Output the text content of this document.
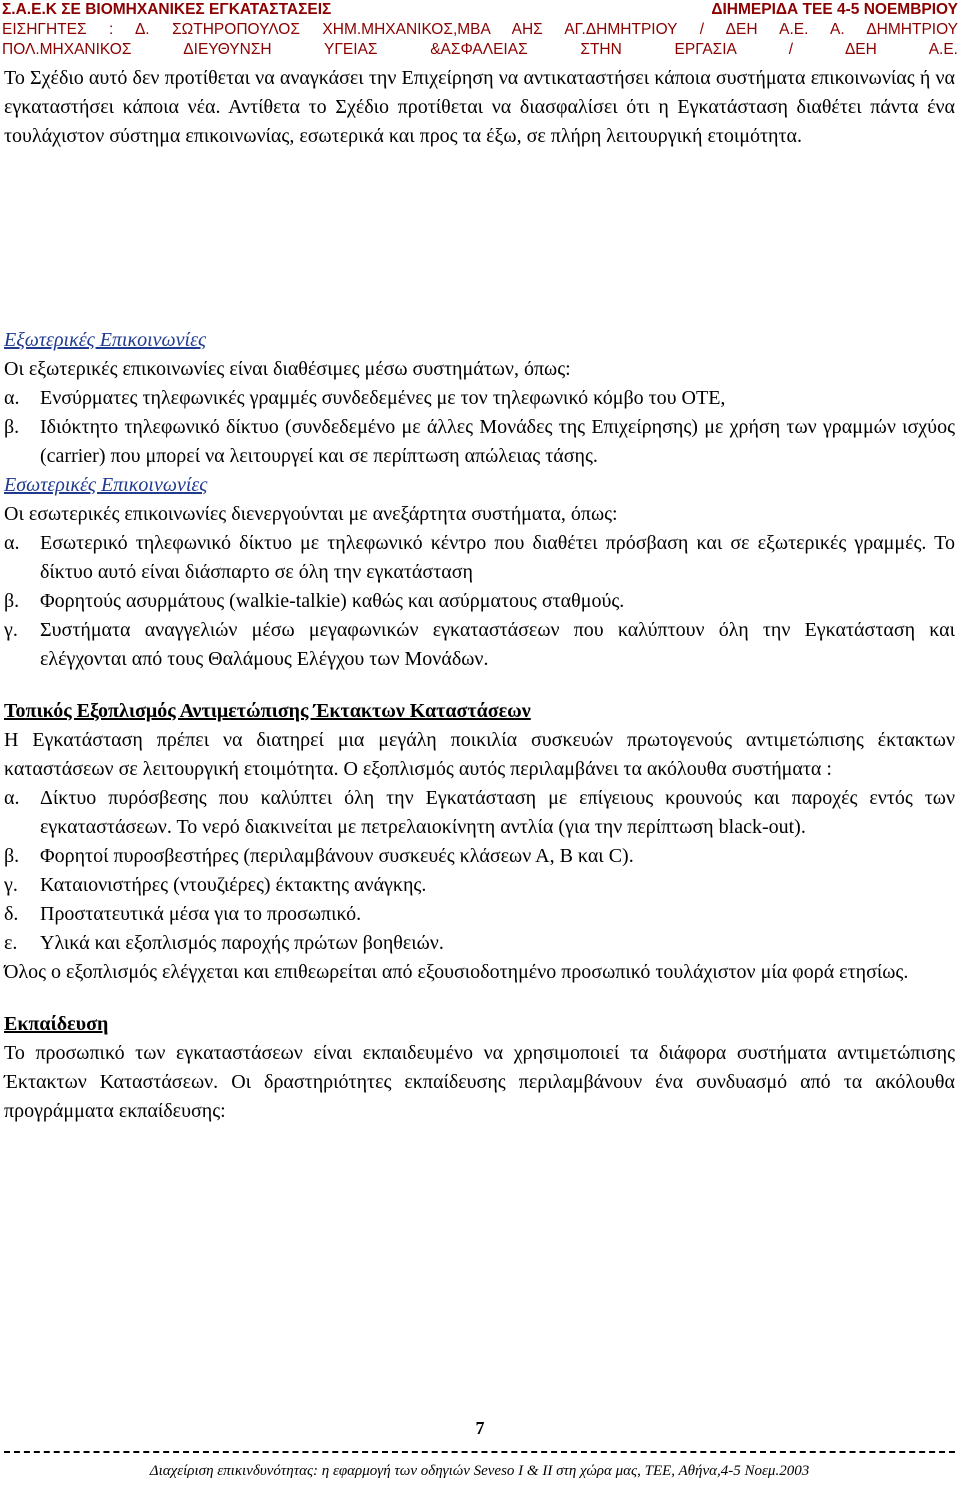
Σ.Α.Ε.Κ ΣΕ ΒΙΟΜΗΧΑΝΙΚΕΣ ΕΓΚΑΤΑΣΤΑΣΕΙΣ	ΔΙΗΜΕΡΙΔΑ ΤΕΕ 4-5 ΝΟΕΜΒΡΙΟΥ
ΕΙΣΗΓΗΤΕΣ : Δ. ΣΩΤΗΡΟΠΟΥΛΟΣ ΧΗΜ.ΜΗΧΑΝΙΚΟΣ,ΜΒΑ ΑΗΣ ΑΓ.ΔΗΜΗΤΡΙΟΥ / ΔΕΗ Α.Ε. Α. ΔΗΜΗΤΡΙΟΥ
ΠΟΛ.ΜΗΧΑΝΙΚΟΣ ΔΙΕΥΘΥΝΣΗ ΥΓΕΙΑΣ &ΑΣΦΑΛΕΙΑΣ ΣΤΗΝ ΕΡΓΑΣΙΑ / ΔΕΗ Α.Ε.

Το Σχέδιο αυτό δεν προτίθεται να αναγκάσει την Επιχείρηση να αντικαταστήσει κάποια συστήματα επικοινωνίας ή να εγκαταστήσει κάποια νέα. Αντίθετα το Σχέδιο προτίθεται να διασφαλίσει ότι η Εγκατάσταση διαθέτει πάντα ένα τουλάχιστον σύστημα επικοινωνίας, εσωτερικά και προς τα έξω, σε πλήρη λειτουργική ετοιμότητα.

Εξωτερικές Επικοινωνίες

Οι εξωτερικές επικοινωνίες είναι διαθέσιμες μέσω συστημάτων, όπως:

α.	Ενσύρματες τηλεφωνικές γραμμές συνδεδεμένες με τον τηλεφωνικό κόμβο του ΟΤΕ,
β.	Ιδιόκτητο τηλεφωνικό δίκτυο (συνδεδεμένο με άλλες Μονάδες της Επιχείρησης) με χρήση των γραμμών ισχύος (carrier) που μπορεί να λειτουργεί και σε περίπτωση απώλειας τάσης.
Εσωτερικές Επικοινωνίες

Οι εσωτερικές επικοινωνίες διενεργούνται με ανεξάρτητα συστήματα, όπως:

α.	Εσωτερικό τηλεφωνικό δίκτυο με τηλεφωνικό κέντρο που διαθέτει πρόσβαση και σε εξωτερικές γραμμές. Το δίκτυο αυτό είναι διάσπαρτο σε όλη την εγκατάσταση
β.	Φορητούς ασυρμάτους (walkie-talkie) καθώς και ασύρματους σταθμούς.
γ.	Συστήματα αναγγελιών μέσω μεγαφωνικών εγκαταστάσεων που καλύπτουν όλη την Εγκατάσταση και ελέγχονται από τους Θαλάμους Ελέγχου των Μονάδων.
Τοπικός Εξοπλισμός Αντιμετώπισης Έκτακτων Καταστάσεων

Η Εγκατάσταση πρέπει να διατηρεί μια μεγάλη ποικιλία συσκευών πρωτογενούς αντιμετώπισης έκτακτων καταστάσεων σε λειτουργική ετοιμότητα. Ο εξοπλισμός αυτός περιλαμβάνει τα ακόλουθα συστήματα :

α.	Δίκτυο πυρόσβεσης που καλύπτει όλη την Εγκατάσταση με επίγειους κρουνούς και παροχές εντός των εγκαταστάσεων. Το νερό διακινείται με πετρελαιοκίνητη αντλία (για την περίπτωση black-out).
β.	Φορητοί πυροσβεστήρες (περιλαμβάνουν συσκευές κλάσεων Α, Β και C).
γ.	Καταιονιστήρες (ντουζιέρες) έκτακτης ανάγκης.
δ.	Προστατευτικά μέσα για το προσωπικό.
ε.	Υλικά και εξοπλισμός παροχής πρώτων βοηθειών.

Όλος ο εξοπλισμός ελέγχεται και επιθεωρείται από εξουσιοδοτημένο προσωπικό τουλάχιστον μία φορά ετησίως.

Εκπαίδευση

Το προσωπικό των εγκαταστάσεων είναι εκπαιδευμένο να χρησιμοποιεί τα διάφορα συστήματα αντιμετώπισης Έκτακτων Καταστάσεων. Οι δραστηριότητες εκπαίδευσης περιλαμβάνουν ένα συνδυασμό από τα ακόλουθα προγράμματα εκπαίδευσης:

7
Διαχείριση επικινδυνότητας: η εφαρμογή των οδηγιών Seveso I & II στη χώρα μας, ΤΕΕ, Αθήνα,4-5 Νοεμ.2003
